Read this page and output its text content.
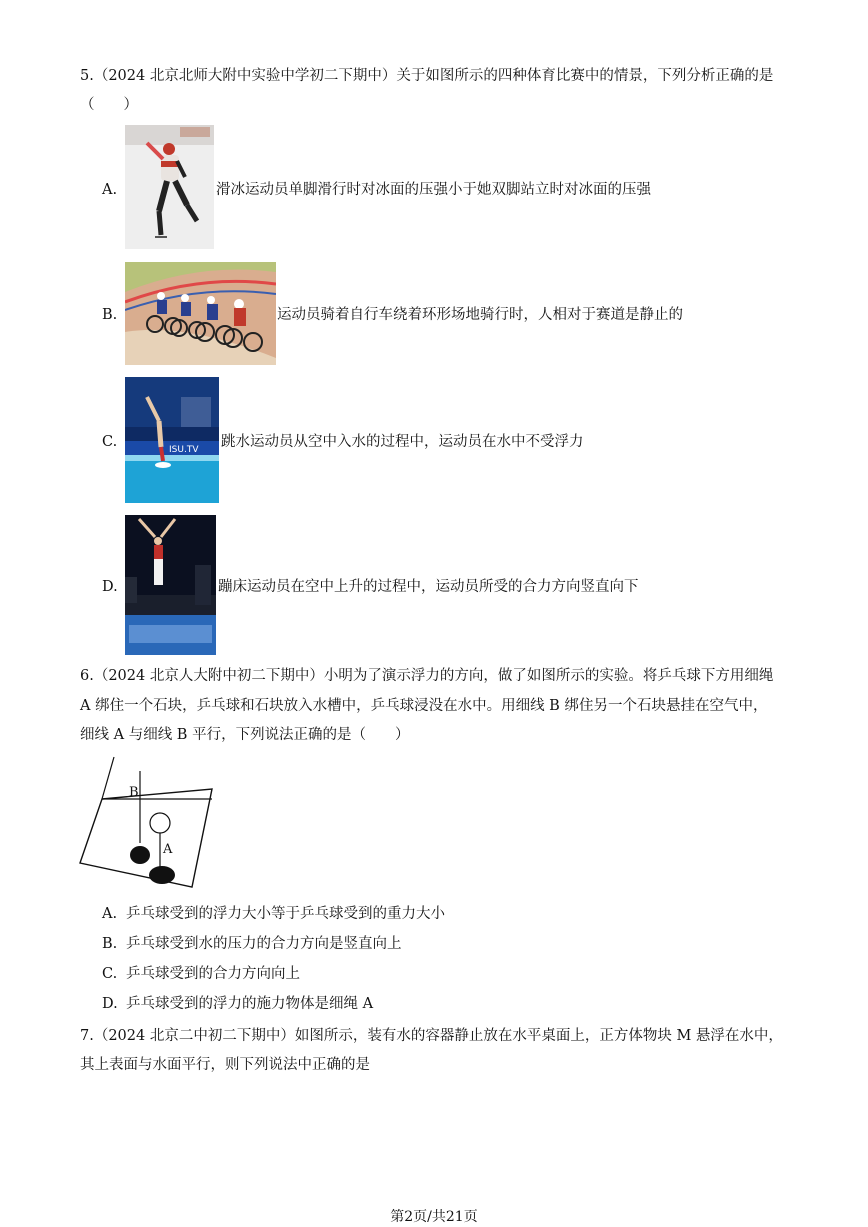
5.（2024 北京北师大附中实验中学初二下期中）关于如图所示的四种体育比赛中的情景，下列分析正确的是
（　　）
A.	滑冰运动员单脚滑行时对冰面的压强小于她双脚站立时对冰面的压强
B.	运动员骑着自行车绕着环形场地骑行时，人相对于赛道是静止的
C.	ISU.TV 跳水运动员从空中入水的过程中，运动员在水中不受浮力
D.	蹦床运动员在空中上升的过程中，运动员所受的合力方向竖直向下
6.（2024 北京人大附中初二下期中）小明为了演示浮力的方向，做了如图所示的实验。将乒乓球下方用细绳
A 绑住一个石块，乒乓球和石块放入水槽中，乒乓球浸没在水中。用细线 B 绑住另一个石块悬挂在空气中，
细线 A 与细线 B 平行，下列说法正确的是（　　）
B
A
A. 乒乓球受到的浮力大小等于乒乓球受到的重力大小
B. 乒乓球受到水的压力的合力方向是竖直向上
C. 乒乓球受到的合力方向向上
D. 乒乓球受到的浮力的施力物体是细绳 A
7.（2024 北京二中初二下期中）如图所示，装有水的容器静止放在水平桌面上，正方体物块 M 悬浮在水中，
其上表面与水面平行，则下列说法中正确的是
第2页/共21页
